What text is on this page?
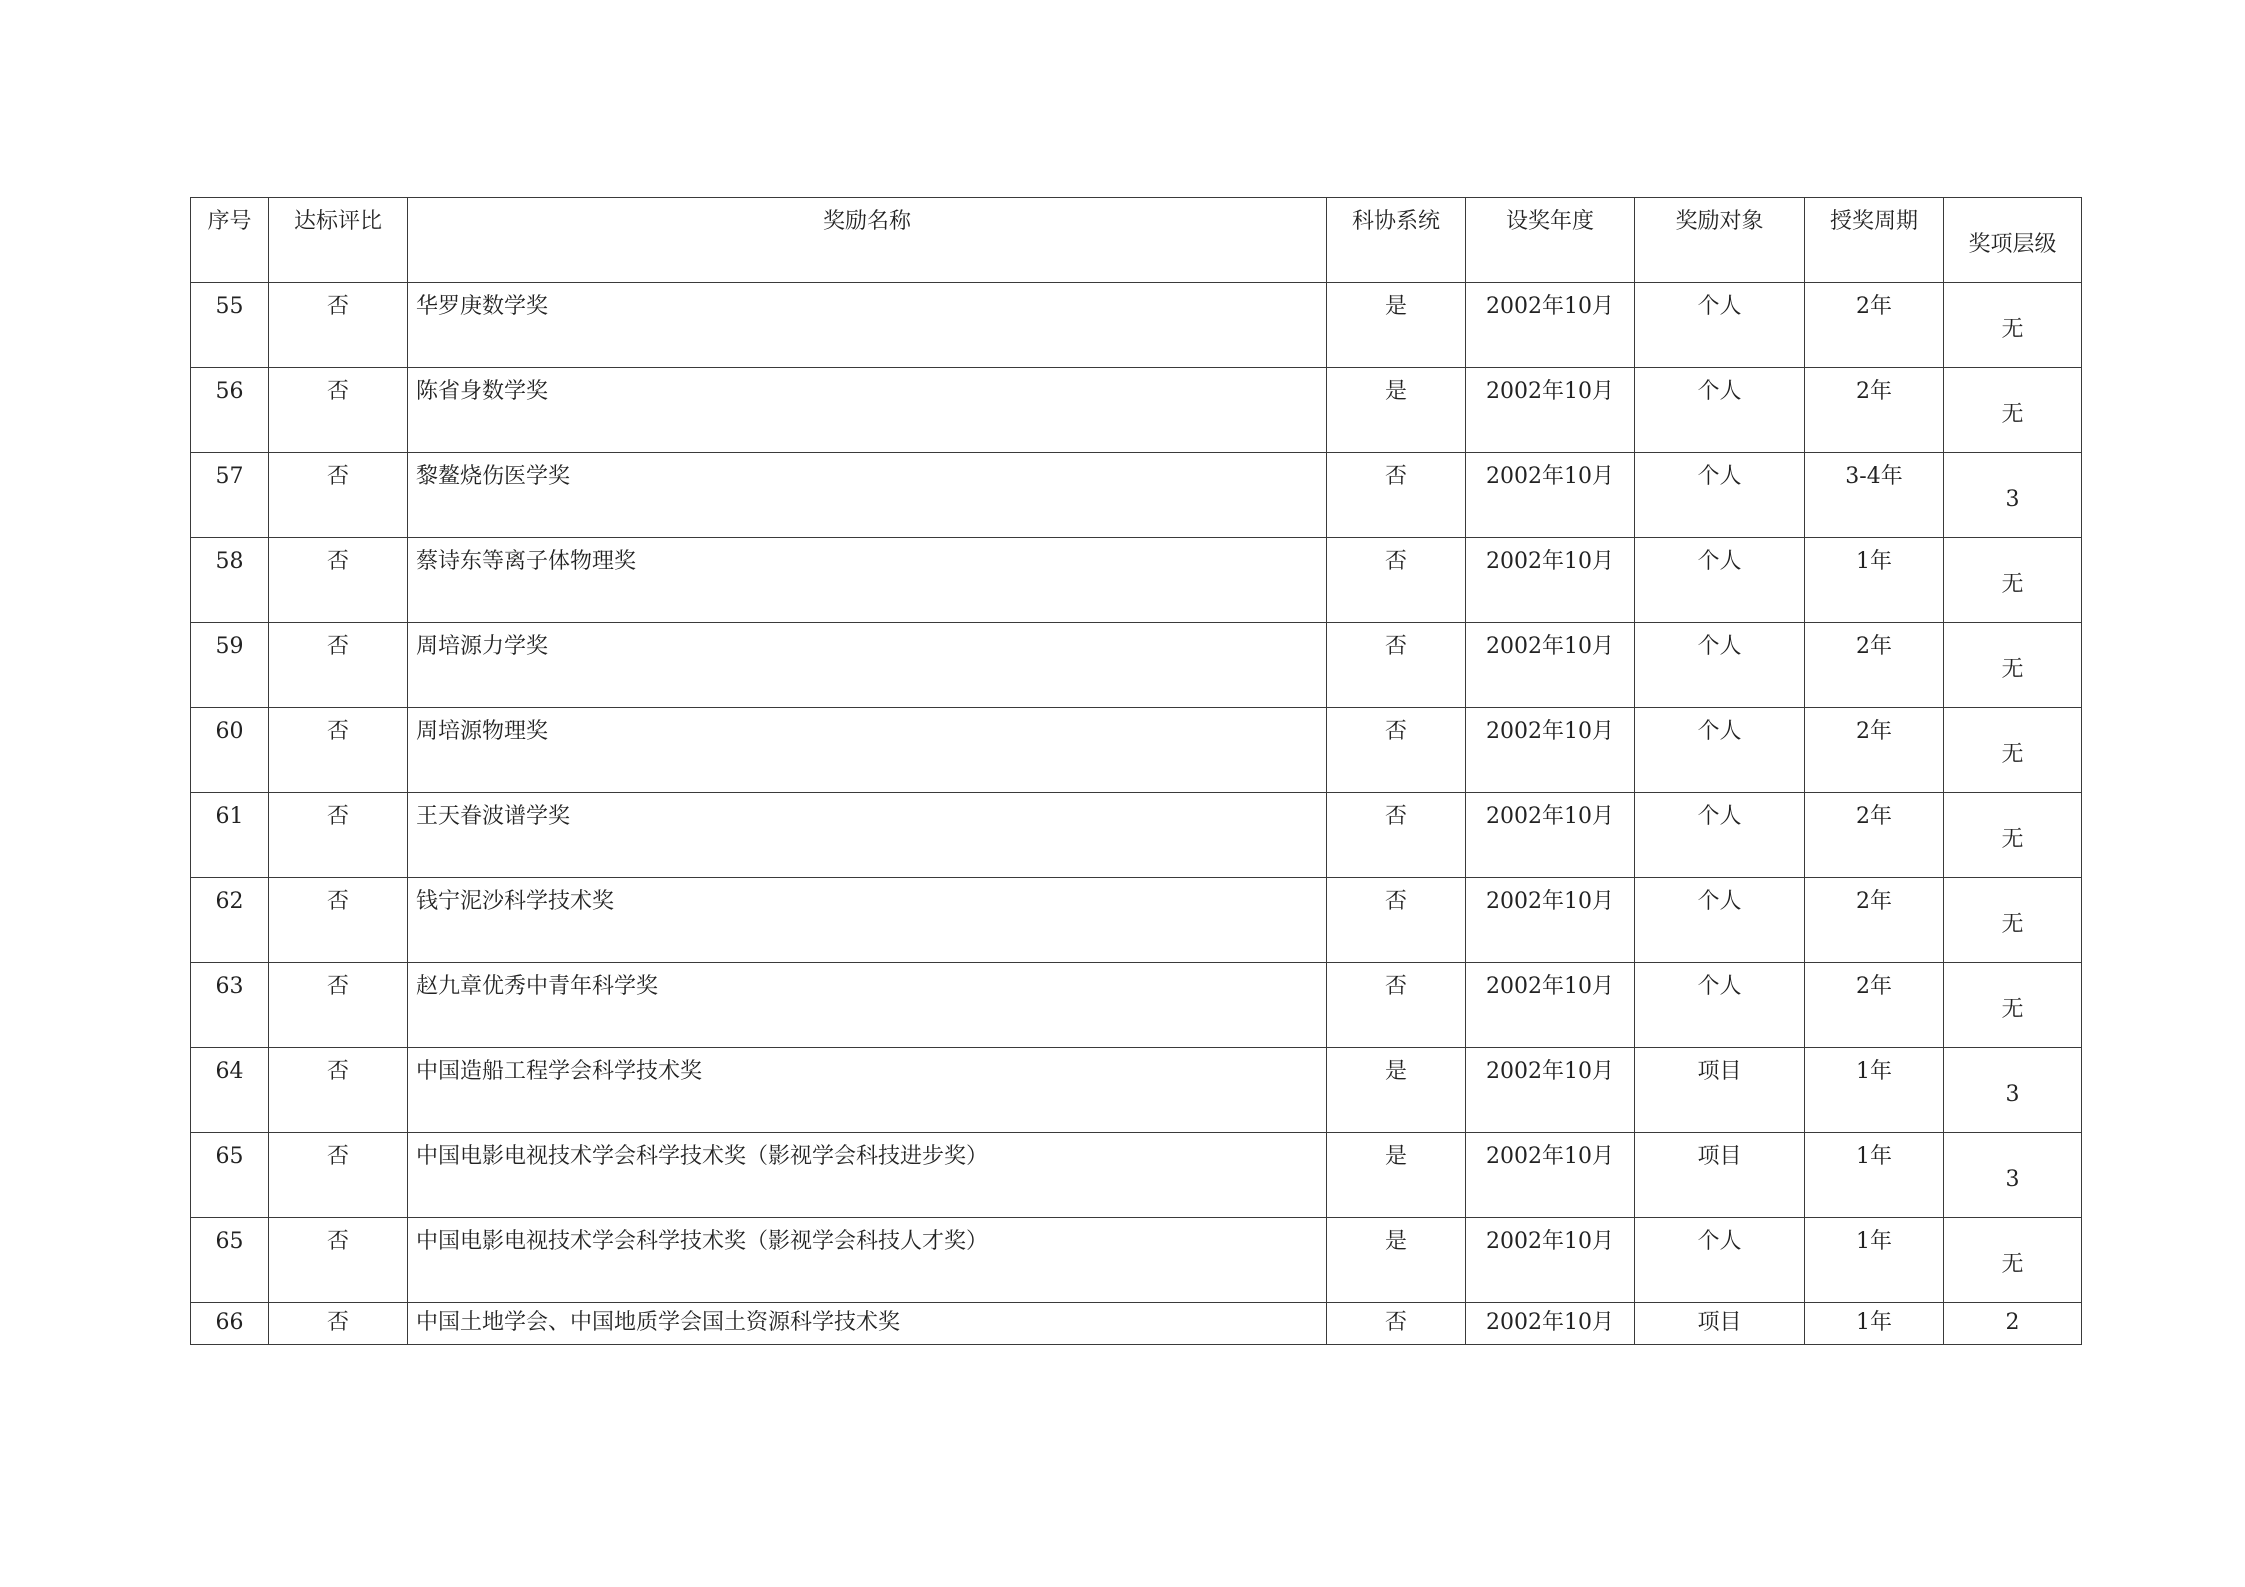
序号	达标评比	奖励名称	科协系统	设奖年度	奖励对象	授奖周期	奖项层级
55	否	华罗庚数学奖	是	2002年10月	个人	2年	无
56	否	陈省身数学奖	是	2002年10月	个人	2年	无
57	否	黎鳌烧伤医学奖	否	2002年10月	个人	3-4年	3
58	否	蔡诗东等离子体物理奖	否	2002年10月	个人	1年	无
59	否	周培源力学奖	否	2002年10月	个人	2年	无
60	否	周培源物理奖	否	2002年10月	个人	2年	无
61	否	王天眷波谱学奖	否	2002年10月	个人	2年	无
62	否	钱宁泥沙科学技术奖	否	2002年10月	个人	2年	无
63	否	赵九章优秀中青年科学奖	否	2002年10月	个人	2年	无
64	否	中国造船工程学会科学技术奖	是	2002年10月	项目	1年	3
65	否	中国电影电视技术学会科学技术奖（影视学会科技进步奖）	是	2002年10月	项目	1年	3
65	否	中国电影电视技术学会科学技术奖（影视学会科技人才奖）	是	2002年10月	个人	1年	无
66	否	中国土地学会、中国地质学会国土资源科学技术奖	否	2002年10月	项目	1年	2
